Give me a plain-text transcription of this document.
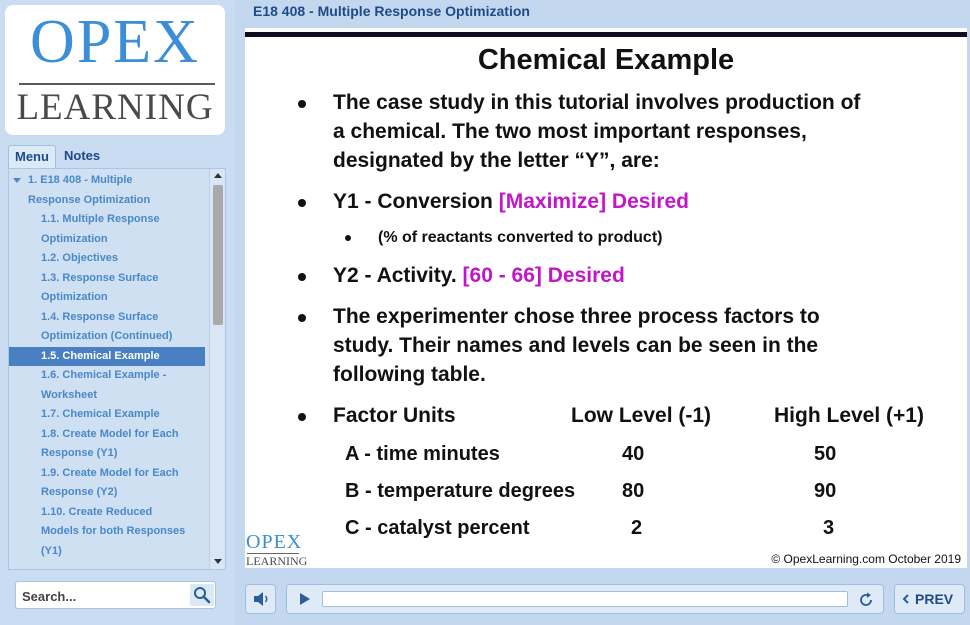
OPEX
LEARNING
Menu	Notes
1. E18 408 - Multiple
Response Optimization
1.1. Multiple Response
Optimization
1.2. Objectives
1.3. Response Surface
Optimization
1.4. Response Surface
Optimization (Continued)
1.5. Chemical Example
1.6. Chemical Example -
Worksheet
1.7. Chemical Example
1.8. Create Model for Each
Response (Y1)
1.9. Create Model for Each
Response (Y2)
1.10. Create Reduced
Models for both Responses
(Y1)
Search...
E18 408 - Multiple Response Optimization
Chemical Example
The case study in this tutorial involves production of
a chemical. The two most important responses,
designated by the letter “Y”, are:
Y1 - Conversion [Maximize] Desired
(% of reactants converted to product)
Y2 - Activity. [60 - 66] Desired
The experimenter chose three process factors to
study. Their names and levels can be seen in the
following table.
Factor Units	Low Level (-1)	High Level (+1)
A - time minutes	40	50
B - temperature degrees 80	90
C - catalyst percent	2	3
OPEX
LEARNING	© OpexLearning.com October 2019
PREV
